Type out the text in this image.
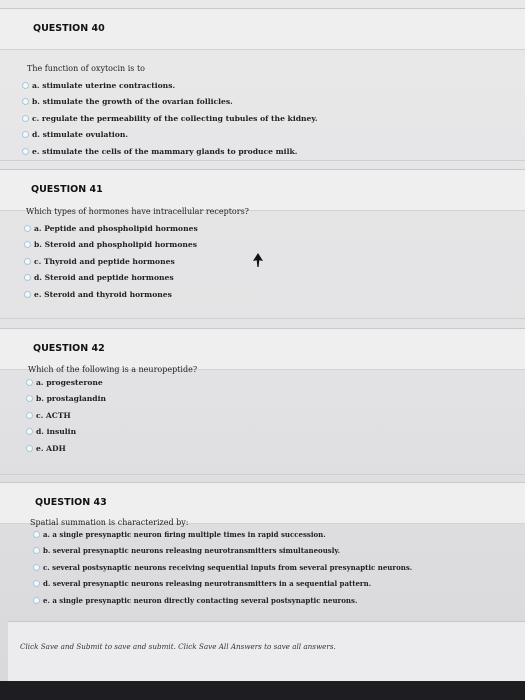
QUESTION 40
The function of oxytocin is to
a. stimulate uterine contractions.
b. stimulate the growth of the ovarian follicles.
c. regulate the permeability of the collecting tubules of the kidney.
d. stimulate ovulation.
e. stimulate the cells of the mammary glands to produce milk.
QUESTION 41
Which types of hormones have intracellular receptors?
a. Peptide and phospholipid hormones
b. Steroid and phospholipid hormones
c. Thyroid and peptide hormones
d. Steroid and peptide hormones
e. Steroid and thyroid hormones
QUESTION 42
Which of the following is a neuropeptide?
a. progesterone
b. prostaglandin
c. ACTH
d. insulin
e. ADH
QUESTION 43
Spatial summation is characterized by:
a. a single presynaptic neuron firing multiple times in rapid succession.
b. several presynaptic neurons releasing neurotransmitters simultaneously.
c. several postsynaptic neurons receiving sequential inputs from several presynaptic neurons.
d. several presynaptic neurons releasing neurotransmitters in a sequential pattern.
e. a single presynaptic neuron directly contacting several postsynaptic neurons.
Click Save and Submit to save and submit. Click Save All Answers to save all answers.
